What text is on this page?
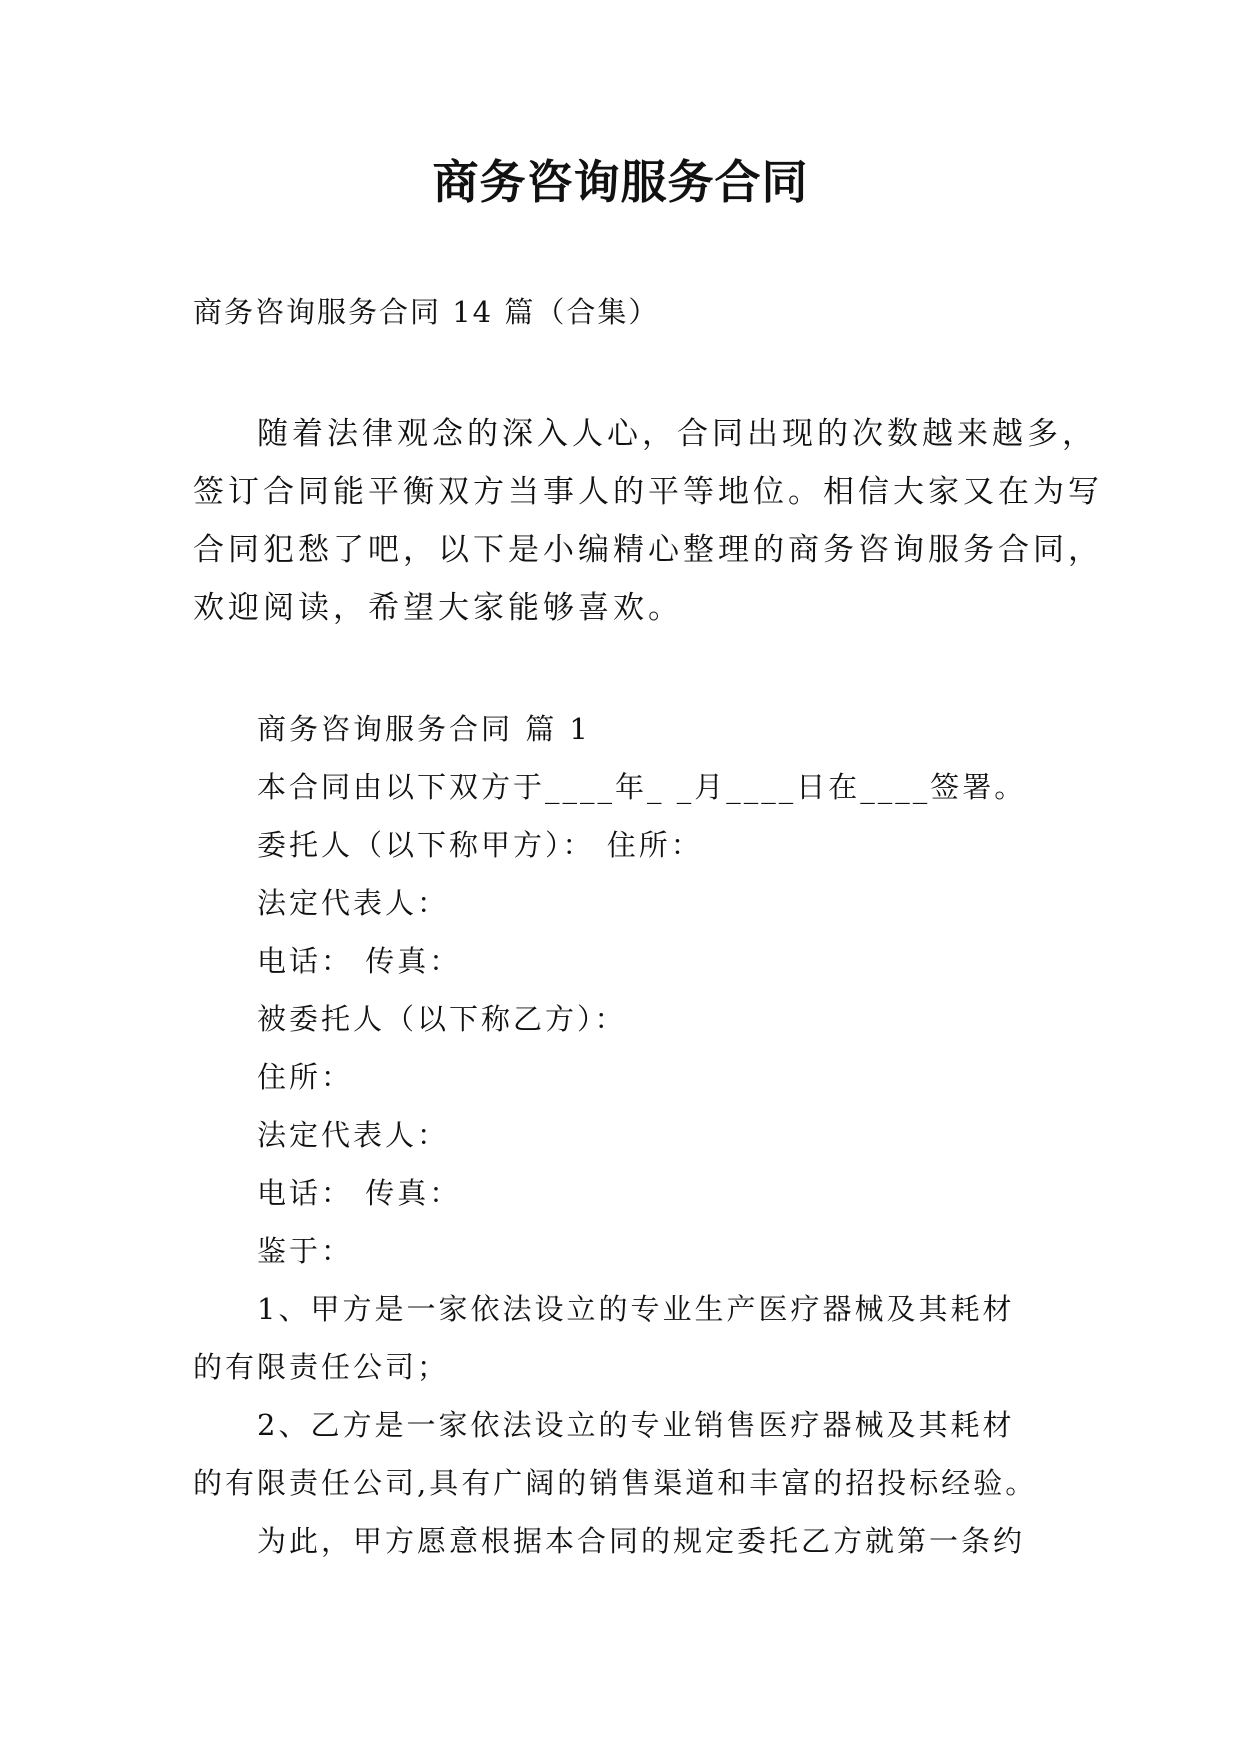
商务咨询服务合同
商务咨询服务合同 14 篇（合集）
随着法律观念的深入人心，合同出现的次数越来越多，
签订合同能平衡双方当事人的平等地位。相信大家又在为写
合同犯愁了吧，以下是小编精心整理的商务咨询服务合同，
欢迎阅读，希望大家能够喜欢。
商务咨询服务合同 篇 1
本合同由以下双方于____年_ _月____日在____签署。
委托人（以下称甲方）： 住所：
法定代表人：
电话： 传真：
被委托人（以下称乙方）：
住所：
法定代表人：
电话： 传真：
鉴于：
1、甲方是一家依法设立的专业生产医疗器械及其耗材
的有限责任公司；
2、乙方是一家依法设立的专业销售医疗器械及其耗材
的有限责任公司,具有广阔的销售渠道和丰富的招投标经验。
为此，甲方愿意根据本合同的规定委托乙方就第一条约
